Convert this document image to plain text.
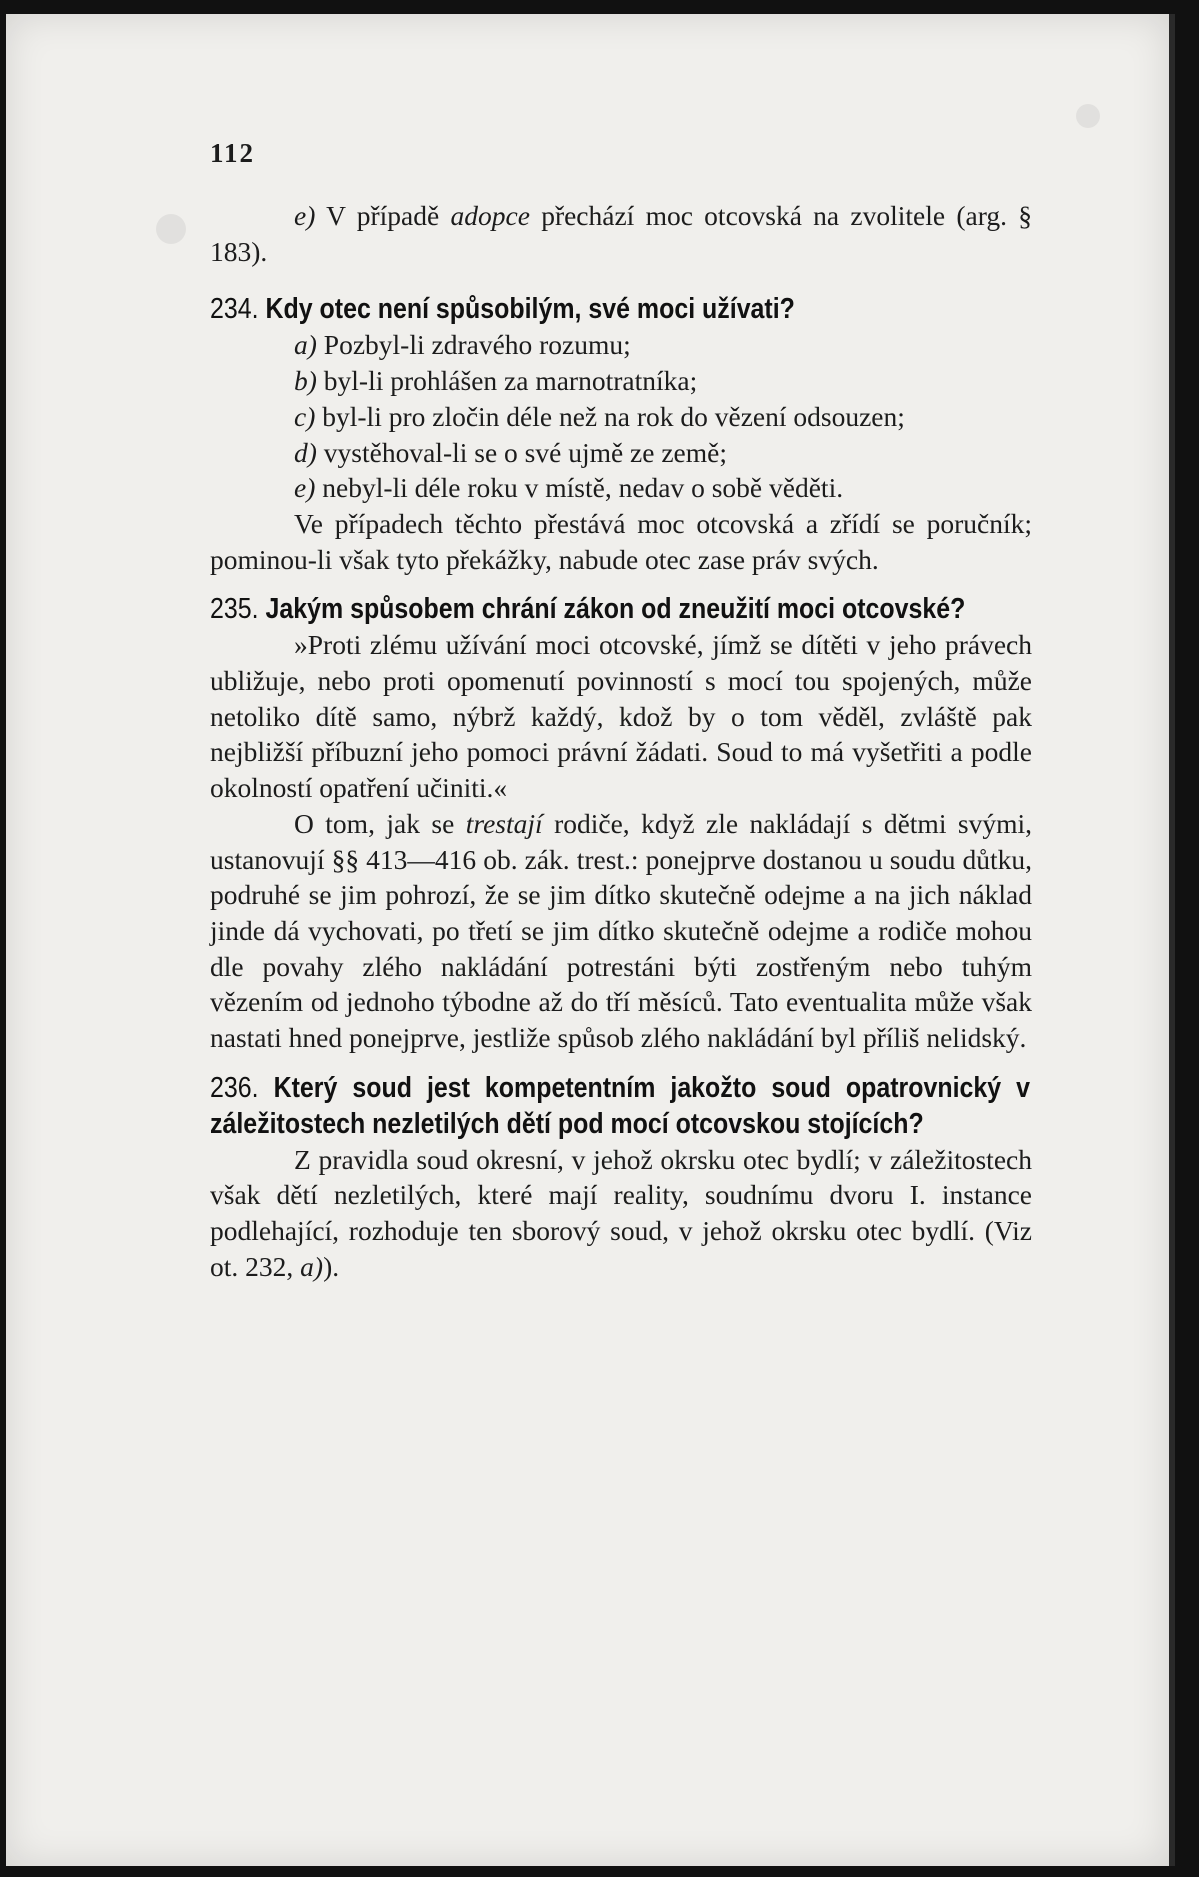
112

e) V případě adopce přechází moc otcovská na zvolitele (arg. § 183).

234. Kdy otec není spůsobilým, své moci užívati?

a) Pozbyl-li zdravého rozumu;

b) byl-li prohlášen za marnotratníka;

c) byl-li pro zločin déle než na rok do vězení odsouzen;

d) vystěhoval-li se o své ujmě ze země;

e) nebyl-li déle roku v místě, nedav o sobě věděti.

Ve případech těchto přestává moc otcovská a zřídí se poručník; pominou-li však tyto překážky, nabude otec zase práv svých.

235. Jakým spůsobem chrání zákon od zneužití moci otcovské?

»Proti zlému užívání moci otcovské, jímž se dítěti v jeho právech ubližuje, nebo proti opomenutí povinností s mocí tou spojených, může netoliko dítě samo, nýbrž každý, kdož by o tom věděl, zvláště pak nejbližší příbuzní jeho pomoci právní žádati. Soud to má vyšetřiti a podle okolností opatření učiniti.«

O tom, jak se trestají rodiče, když zle nakládají s dětmi svými, ustanovují §§ 413—416 ob. zák. trest.: ponejprve dostanou u soudu důtku, podruhé se jim pohrozí, že se jim dítko skutečně odejme a na jich náklad jinde dá vychovati, po třetí se jim dítko skutečně odejme a rodiče mohou dle povahy zlého nakládání potrestáni býti zostřeným nebo tuhým vězením od jednoho týbodne až do tří měsíců. Tato eventualita může však nastati hned ponejprve, jestliže spůsob zlého nakládání byl příliš nelidský.

236. Který soud jest kompetentním jakožto soud opatrovnický v záležitostech nezletilých dětí pod mocí otcovskou stojících?

Z pravidla soud okresní, v jehož okrsku otec bydlí; v záležitostech však dětí nezletilých, které mají reality, soudnímu dvoru I. instance podlehající, rozhoduje ten sborový soud, v jehož okrsku otec bydlí. (Viz ot. 232, a)).
